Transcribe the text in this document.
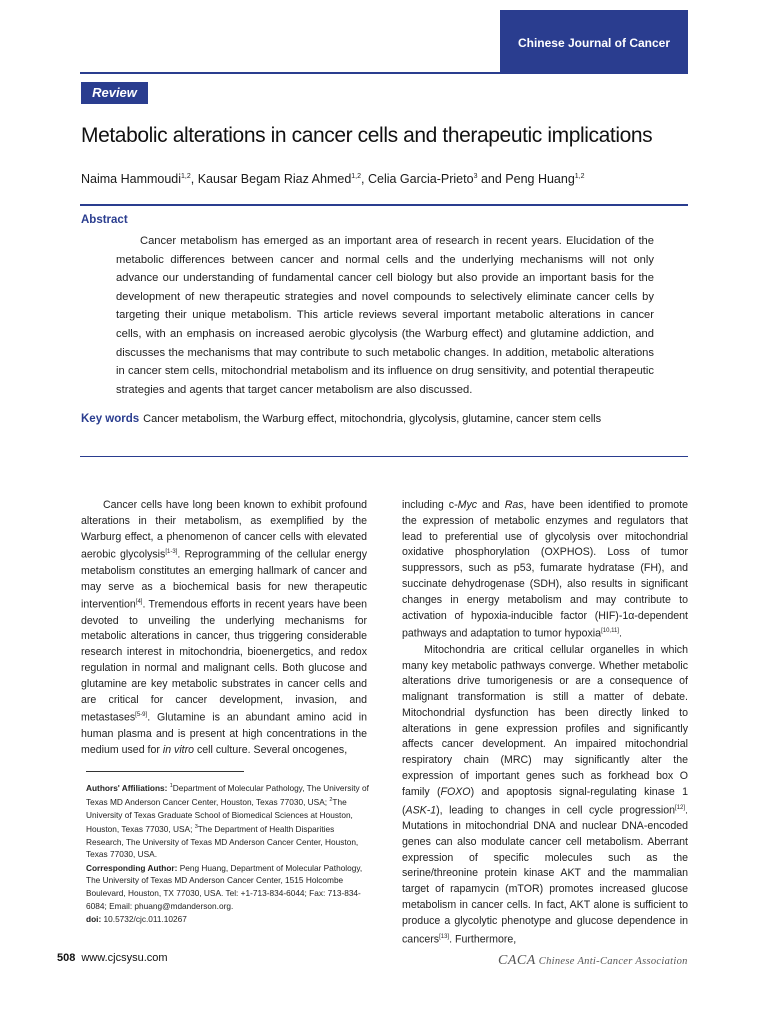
Chinese Journal of Cancer
Review
Metabolic alterations in cancer cells and therapeutic implications
Naima Hammoudi$^{1,2}$, Kausar Begam Riaz Ahmed$^{1,2}$, Celia Garcia-Prieto$^3$ and Peng Huang$^{1,2}$
Abstract

Cancer metabolism has emerged as an important area of research in recent years. Elucidation of the metabolic differences between cancer and normal cells and the underlying mechanisms will not only advance our understanding of fundamental cancer cell biology but also provide an important basis for the development of new therapeutic strategies and novel compounds to selectively eliminate cancer cells by targeting their unique metabolism. This article reviews several important metabolic alterations in cancer cells, with an emphasis on increased aerobic glycolysis (the Warburg effect) and glutamine addiction, and discusses the mechanisms that may contribute to such metabolic changes. In addition, metabolic alterations in cancer stem cells, mitochondrial metabolism and its influence on drug sensitivity, and potential therapeutic strategies and agents that target cancer metabolism are also discussed.

Key words Cancer metabolism, the Warburg effect, mitochondria, glycolysis, glutamine, cancer stem cells

Cancer cells have long been known to exhibit profound alterations in their metabolism, as exemplified by the Warburg effect, a phenomenon of cancer cells with elevated aerobic glycolysis[1-3]. Reprogramming of the cellular energy metabolism constitutes an emerging hallmark of cancer and may serve as a biochemical basis for new therapeutic intervention[4]. Tremendous efforts in recent years have been devoted to unveiling the underlying mechanisms for metabolic alterations in cancer, thus triggering considerable research interest in mitochondria, bioenergetics, and redox regulation in normal and malignant cells. Both glucose and glutamine are key metabolic substrates in cancer cells and are critical for cancer development, invasion, and metastases[5-9]. Glutamine is an abundant amino acid in human plasma and is present at high concentrations in the medium used for in vitro cell culture. Several oncogenes,

Authors' Affiliations: $^1$Department of Molecular Pathology, The University of Texas MD Anderson Cancer Center, Houston, Texas 77030, USA; $^2$The University of Texas Graduate School of Biomedical Sciences at Houston, Houston, Texas 77030, USA; $^3$The Department of Health Disparities Research, The University of Texas MD Anderson Cancer Center, Houston, Texas 77030, USA.

Corresponding Author: Peng Huang, Department of Molecular Pathology, The University of Texas MD Anderson Cancer Center, 1515 Holcombe Boulevard, Houston, TX 77030, USA. Tel: +1-713-834-6044; Fax: 713-834-6084; Email: phuang@mdanderson.org.

doi: 10.5732/cjc.011.10267

including c-Myc and Ras, have been identified to promote the expression of metabolic enzymes and regulators that lead to preferential use of glycolysis over mitochondrial oxidative phosphorylation (OXPHOS). Loss of tumor suppressors, such as p53, fumarate hydratase (FH), and succinate dehydrogenase (SDH), also results in significant changes in energy metabolism and may contribute to activation of hypoxia-inducible factor (HIF)-1α-dependent pathways and adaptation to tumor hypoxia[10,11].

Mitochondria are critical cellular organelles in which many key metabolic pathways converge. Whether metabolic alterations drive tumorigenesis or are a consequence of malignant transformation is still a matter of debate. Mitochondrial dysfunction has been directly linked to alterations in gene expression profiles and significantly affects cancer development. An impaired mitochondrial respiratory chain (MRC) may significantly alter the expression of important genes such as forkhead box O family (FOXO) and apoptosis signal-regulating kinase 1 (ASK-1), leading to changes in cell cycle progression[12]. Mutations in mitochondrial DNA and nuclear DNA-encoded genes can also modulate cancer cell metabolism. Aberrant expression of specific molecules such as the serine/threonine protein kinase AKT and the mammalian target of rapamycin (mTOR) promotes increased glucose metabolism in cancer cells. In fact, AKT alone is sufficient to produce a glycolytic phenotype and glucose dependence in cancers[13]. Furthermore,

508 www.cjcsysu.com	CACA Chinese Anti-Cancer Association
